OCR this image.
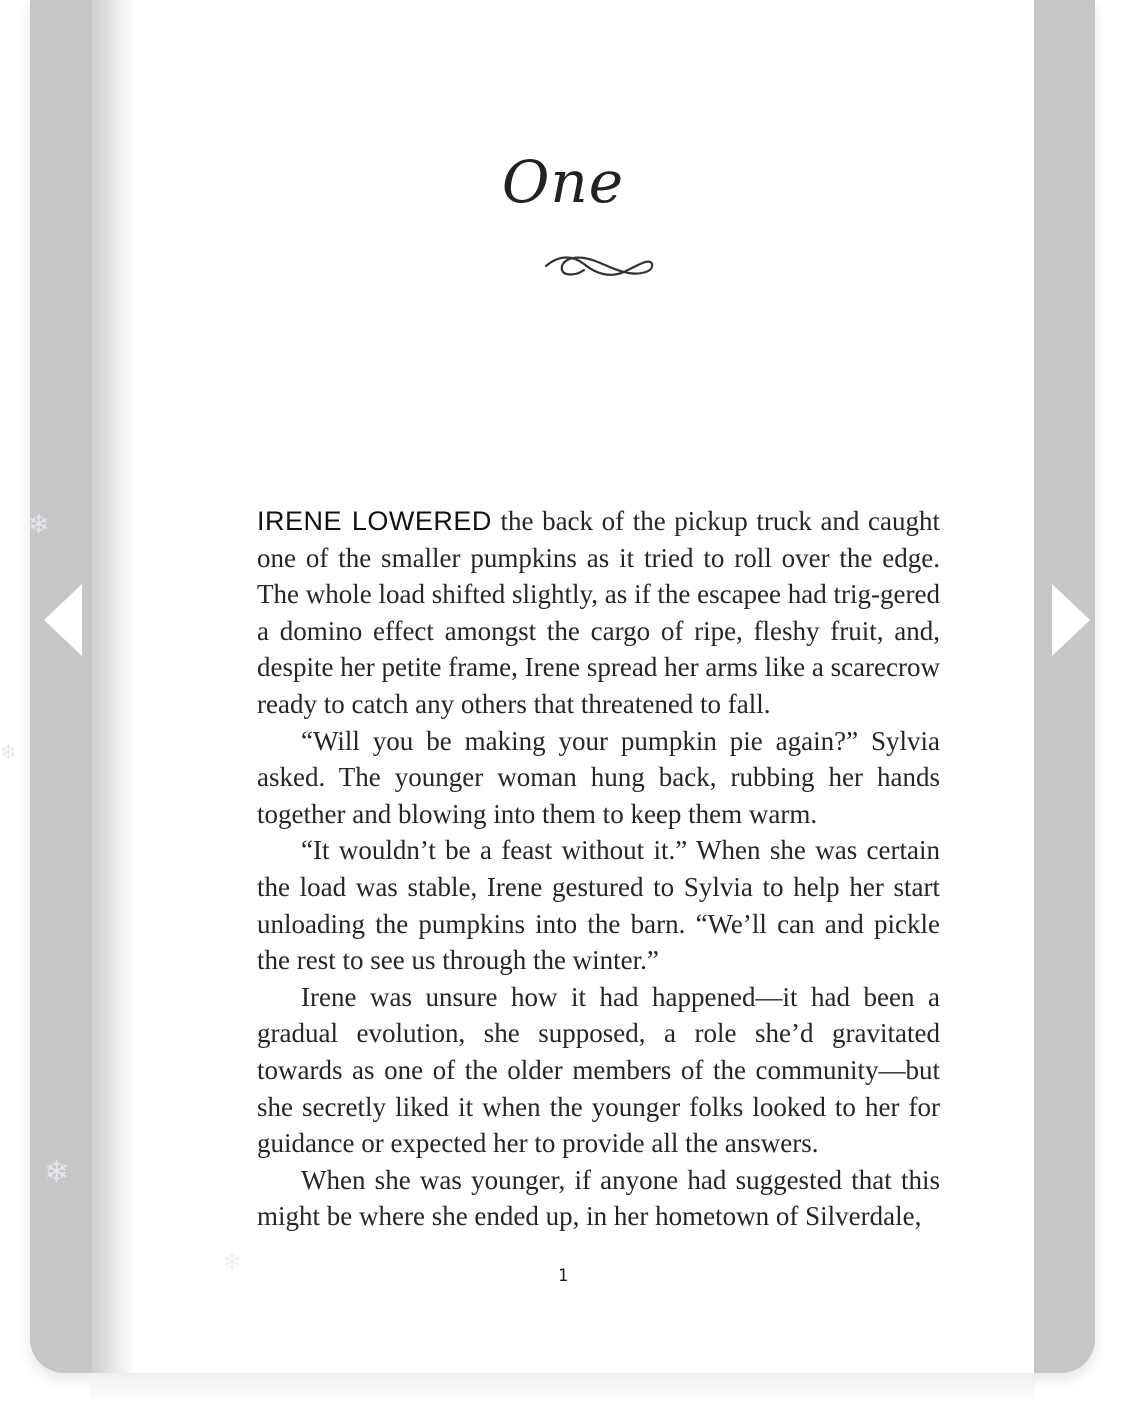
❄
❄
❄
❄
One

IRENE LOWERED the back of the pickup truck and caught one of the smaller pumpkins as it tried to roll over the edge. The whole load shifted slightly, as if the escapee had trig-gered a domino effect amongst the cargo of ripe, fleshy fruit, and, despite her petite frame, Irene spread her arms like a scarecrow ready to catch any others that threatened to fall.

“Will you be making your pumpkin pie again?” Sylvia asked. The younger woman hung back, rubbing her hands together and blowing into them to keep them warm.

“It wouldn’t be a feast without it.” When she was certain the load was stable, Irene gestured to Sylvia to help her start unloading the pumpkins into the barn. “We’ll can and pickle the rest to see us through the winter.”

Irene was unsure how it had happened—it had been a gradual evolution, she supposed, a role she’d gravitated towards as one of the older members of the community—but she secretly liked it when the younger folks looked to her for guidance or expected her to provide all the answers.

When she was younger, if anyone had suggested that this might be where she ended up, in her hometown of Silverdale,

1
